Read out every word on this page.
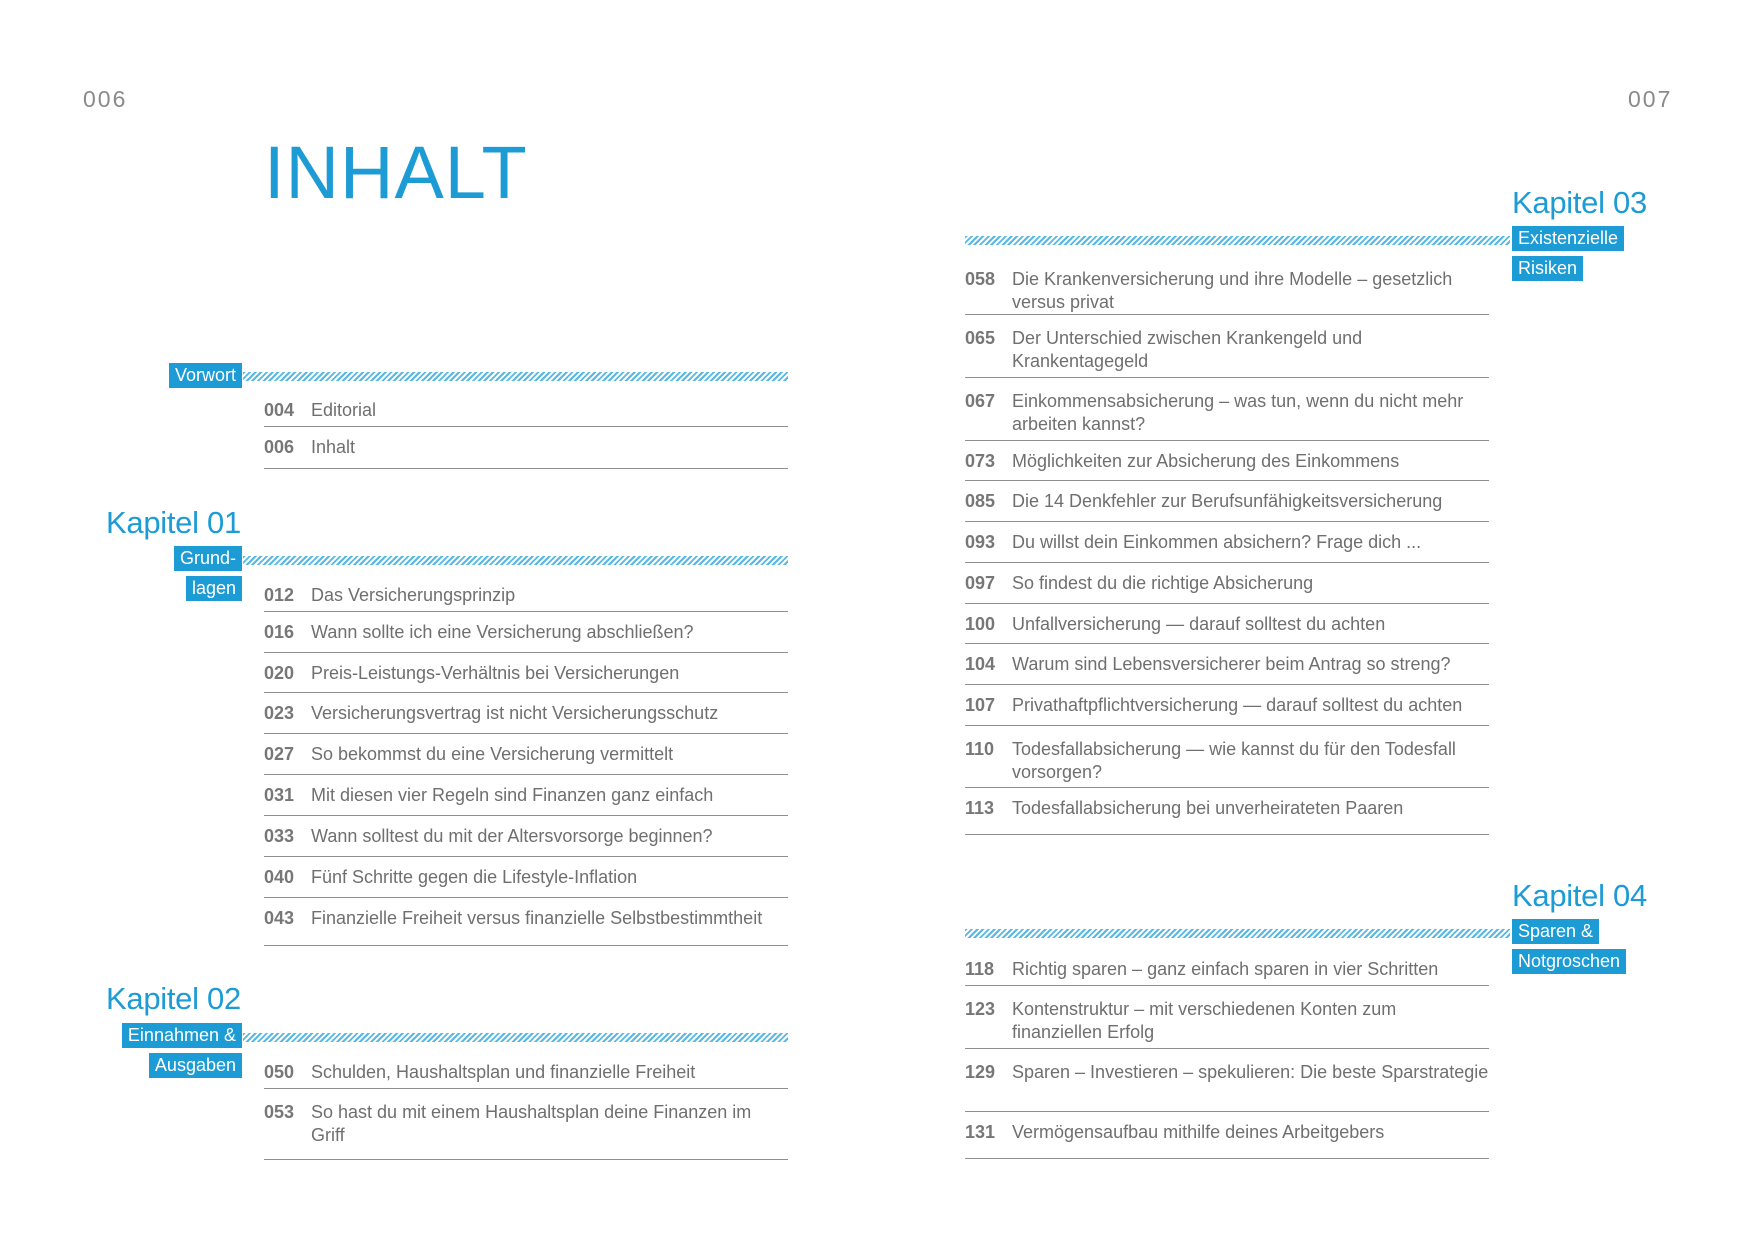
006	007
INHALT
Vorwort
004 Editorial
006 Inhalt
Kapitel 01
Grund-
lagen	012 Das Versicherungsprinzip
016 Wann sollte ich eine Versicherung abschließen?
020 Preis-Leistungs-Verhältnis bei Versicherungen
023 Versicherungsvertrag ist nicht Versicherungsschutz
027 So bekommst du eine Versicherung vermittelt
031 Mit diesen vier Regeln sind Finanzen ganz einfach
033 Wann solltest du mit der Altersvorsorge beginnen?
040 Fünf Schritte gegen die Lifestyle-Inflation
043 Finanzielle Freiheit versus finanzielle Selbstbestimmtheit
Kapitel 02
Einnahmen &
Ausgaben	050 Schulden, Haushaltsplan und finanzielle Freiheit
053 So hast du mit einem Haushaltsplan deine Finanzen im Griff
Kapitel 03
Existenzielle
Risiken
058 Die Krankenversicherung und ihre Modelle – gesetzlich versus privat
065 Der Unterschied zwischen Krankengeld und Krankentagegeld
067 Einkommensabsicherung – was tun, wenn du nicht mehr arbeiten kannst?
073 Möglichkeiten zur Absicherung des Einkommens
085 Die 14 Denkfehler zur Berufsunfähigkeitsversicherung
093 Du willst dein Einkommen absichern? Frage dich ...
097 So findest du die richtige Absicherung
100 Unfallversicherung — darauf solltest du achten
104 Warum sind Lebensversicherer beim Antrag so streng?
107 Privathaftpflichtversicherung — darauf solltest du achten
110 Todesfallabsicherung — wie kannst du für den Todesfall vorsorgen?
113 Todesfallabsicherung bei unverheirateten Paaren
Kapitel 04
Sparen &
Notgroschen
118 Richtig sparen – ganz einfach sparen in vier Schritten
123 Kontenstruktur – mit verschiedenen Konten zum finanziellen Erfolg
129 Sparen – Investieren – spekulieren: Die beste Sparstrategie
131 Vermögensaufbau mithilfe deines Arbeitgebers
